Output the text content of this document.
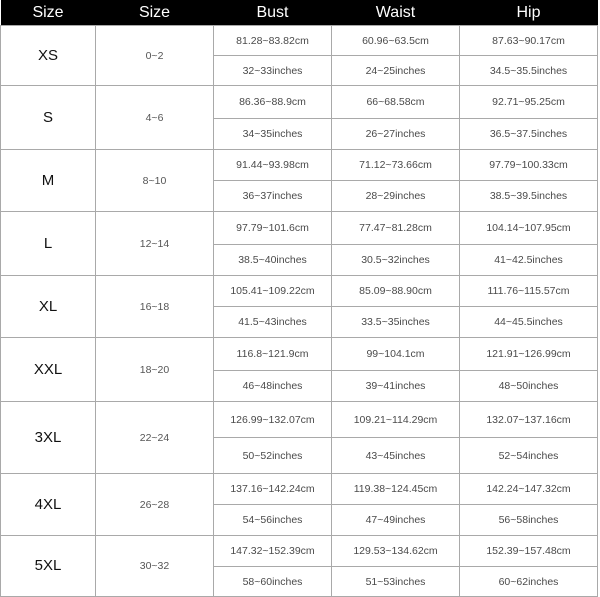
Size	Size	Bust	Waist	Hip
XS	0~2	81.28~83.82cm	60.96~63.5cm	87.63~90.17cm
		32~33inches	24~25inches	34.5~35.5inches
S	4~6	86.36~88.9cm	66~68.58cm	92.71~95.25cm
		34~35inches	26~27inches	36.5~37.5inches
M	8~10	91.44~93.98cm	71.12~73.66cm	97.79~100.33cm
		36~37inches	28~29inches	38.5~39.5inches
L	12~14	97.79~101.6cm	77.47~81.28cm	104.14~107.95cm
		38.5~40inches	30.5~32inches	41~42.5inches
XL	16~18	105.41~109.22cm	85.09~88.90cm	111.76~115.57cm
		41.5~43inches	33.5~35inches	44~45.5inches
XXL	18~20	116.8~121.9cm	99~104.1cm	121.91~126.99cm
		46~48inches	39~41inches	48~50inches
3XL	22~24	126.99~132.07cm	109.21~114.29cm	132.07~137.16cm
		50~52inches	43~45inches	52~54inches
4XL	26~28	137.16~142.24cm	119.38~124.45cm	142.24~147.32cm
		54~56inches	47~49inches	56~58inches
5XL	30~32	147.32~152.39cm	129.53~134.62cm	152.39~157.48cm
		58~60inches	51~53inches	60~62inches
